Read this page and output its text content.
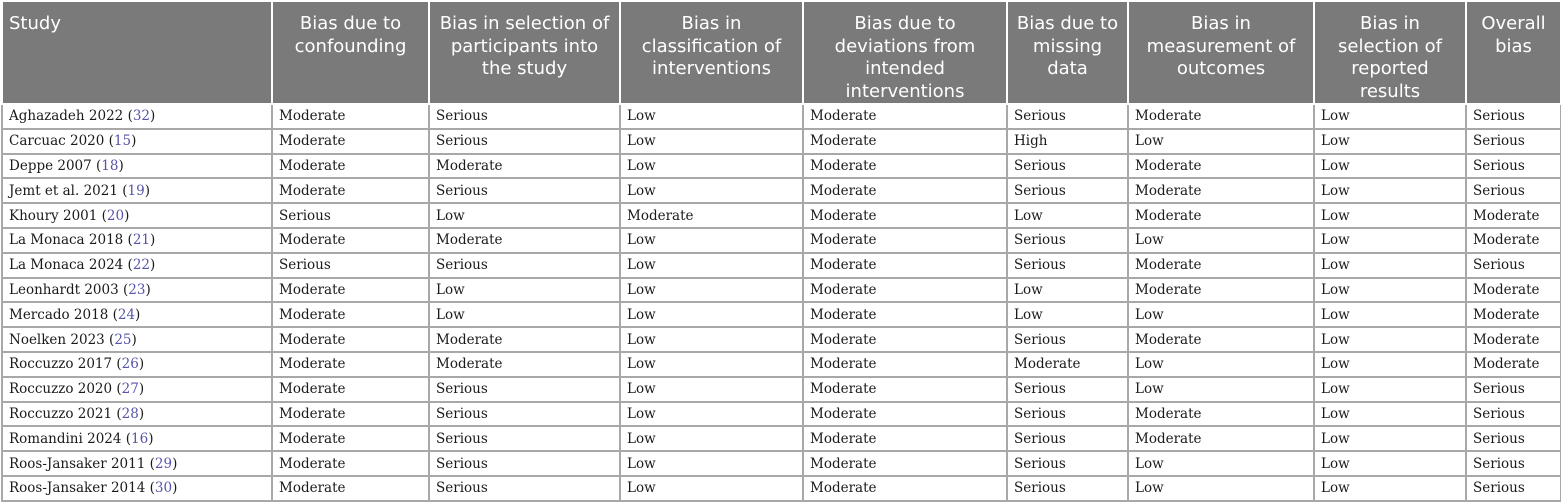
Study	Bias due to confounding	Bias in selection of participants into the study	Bias in classification of interventions	Bias due to deviations from intended interventions	Bias due to missing data	Bias in measurement of outcomes	Bias in selection of reported results	Overall bias
Aghazadeh 2022 (32)	Moderate	Serious	Low	Moderate	Serious	Moderate	Low	Serious
Carcuac 2020 (15)	Moderate	Serious	Low	Moderate	High	Low	Low	Serious
Deppe 2007 (18)	Moderate	Moderate	Low	Moderate	Serious	Moderate	Low	Serious
Jemt et al. 2021 (19)	Moderate	Serious	Low	Moderate	Serious	Moderate	Low	Serious
Khoury 2001 (20)	Serious	Low	Moderate	Moderate	Low	Moderate	Low	Moderate
La Monaca 2018 (21)	Moderate	Moderate	Low	Moderate	Serious	Low	Low	Moderate
La Monaca 2024 (22)	Serious	Serious	Low	Moderate	Serious	Moderate	Low	Serious
Leonhardt 2003 (23)	Moderate	Low	Low	Moderate	Low	Moderate	Low	Moderate
Mercado 2018 (24)	Moderate	Low	Low	Moderate	Low	Low	Low	Moderate
Noelken 2023 (25)	Moderate	Moderate	Low	Moderate	Serious	Moderate	Low	Moderate
Roccuzzo 2017 (26)	Moderate	Moderate	Low	Moderate	Moderate	Low	Low	Moderate
Roccuzzo 2020 (27)	Moderate	Serious	Low	Moderate	Serious	Low	Low	Serious
Roccuzzo 2021 (28)	Moderate	Serious	Low	Moderate	Serious	Moderate	Low	Serious
Romandini 2024 (16)	Moderate	Serious	Low	Moderate	Serious	Moderate	Low	Serious
Roos-Jansaker 2011 (29)	Moderate	Serious	Low	Moderate	Serious	Low	Low	Serious
Roos-Jansaker 2014 (30)	Moderate	Serious	Low	Moderate	Serious	Low	Low	Serious
